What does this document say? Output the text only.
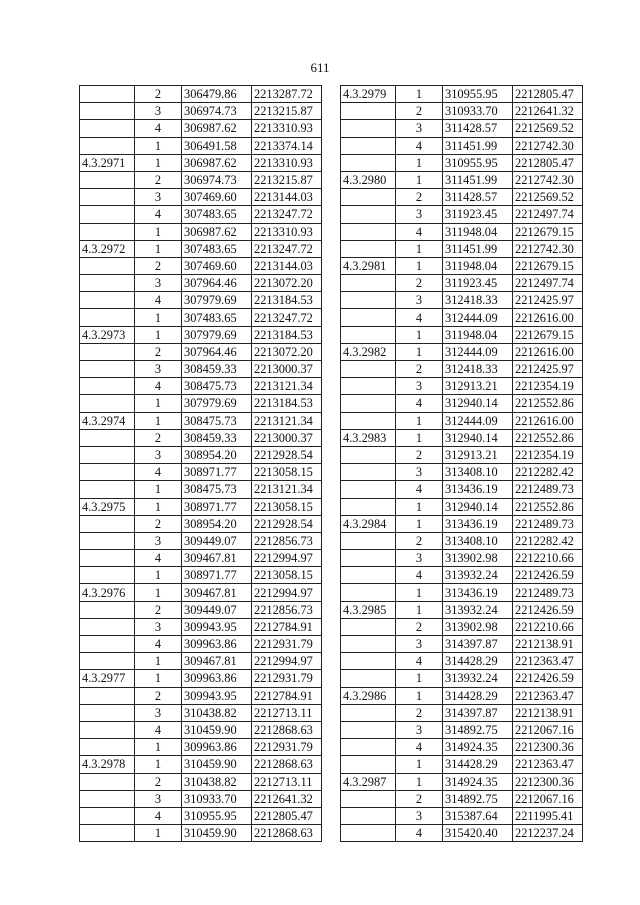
611
	2	306479.86	2213287.72
	3	306974.73	2213215.87
	4	306987.62	2213310.93
	1	306491.58	2213374.14
4.3.2971	1	306987.62	2213310.93
	2	306974.73	2213215.87
	3	307469.60	2213144.03
	4	307483.65	2213247.72
	1	306987.62	2213310.93
4.3.2972	1	307483.65	2213247.72
	2	307469.60	2213144.03
	3	307964.46	2213072.20
	4	307979.69	2213184.53
	1	307483.65	2213247.72
4.3.2973	1	307979.69	2213184.53
	2	307964.46	2213072.20
	3	308459.33	2213000.37
	4	308475.73	2213121.34
	1	307979.69	2213184.53
4.3.2974	1	308475.73	2213121.34
	2	308459.33	2213000.37
	3	308954.20	2212928.54
	4	308971.77	2213058.15
	1	308475.73	2213121.34
4.3.2975	1	308971.77	2213058.15
	2	308954.20	2212928.54
	3	309449.07	2212856.73
	4	309467.81	2212994.97
	1	308971.77	2213058.15
4.3.2976	1	309467.81	2212994.97
	2	309449.07	2212856.73
	3	309943.95	2212784.91
	4	309963.86	2212931.79
	1	309467.81	2212994.97
4.3.2977	1	309963.86	2212931.79
	2	309943.95	2212784.91
	3	310438.82	2212713.11
	4	310459.90	2212868.63
	1	309963.86	2212931.79
4.3.2978	1	310459.90	2212868.63
	2	310438.82	2212713.11
	3	310933.70	2212641.32
	4	310955.95	2212805.47
	1	310459.90	2212868.63
4.3.2979	1	310955.95	2212805.47
	2	310933.70	2212641.32
	3	311428.57	2212569.52
	4	311451.99	2212742.30
	1	310955.95	2212805.47
4.3.2980	1	311451.99	2212742.30
	2	311428.57	2212569.52
	3	311923.45	2212497.74
	4	311948.04	2212679.15
	1	311451.99	2212742.30
4.3.2981	1	311948.04	2212679.15
	2	311923.45	2212497.74
	3	312418.33	2212425.97
	4	312444.09	2212616.00
	1	311948.04	2212679.15
4.3.2982	1	312444.09	2212616.00
	2	312418.33	2212425.97
	3	312913.21	2212354.19
	4	312940.14	2212552.86
	1	312444.09	2212616.00
4.3.2983	1	312940.14	2212552.86
	2	312913.21	2212354.19
	3	313408.10	2212282.42
	4	313436.19	2212489.73
	1	312940.14	2212552.86
4.3.2984	1	313436.19	2212489.73
	2	313408.10	2212282.42
	3	313902.98	2212210.66
	4	313932.24	2212426.59
	1	313436.19	2212489.73
4.3.2985	1	313932.24	2212426.59
	2	313902.98	2212210.66
	3	314397.87	2212138.91
	4	314428.29	2212363.47
	1	313932.24	2212426.59
4.3.2986	1	314428.29	2212363.47
	2	314397.87	2212138.91
	3	314892.75	2212067.16
	4	314924.35	2212300.36
	1	314428.29	2212363.47
4.3.2987	1	314924.35	2212300.36
	2	314892.75	2212067.16
	3	315387.64	2211995.41
	4	315420.40	2212237.24
